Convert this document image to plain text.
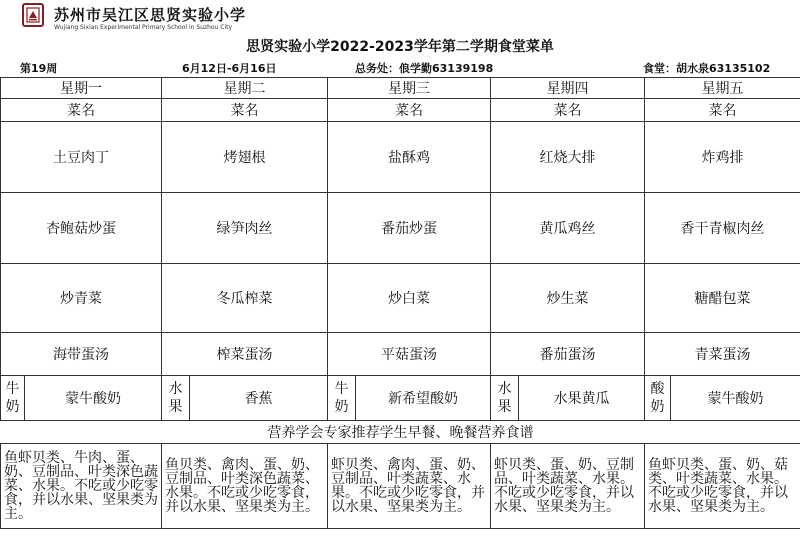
苏州市吴江区思贤实验小学
Wujiang Sixian Experimental Primary School in Suzhou City
思贤实验小学2022-2023学年第二学期食堂菜单
第19周	6月12日-6月16日	总务处：俍学勤63139198	食堂：胡水泉63135102
星期一		星期二		星期三		星期四		星期五	
菜名		菜名		菜名		菜名		菜名	
土豆肉丁		烤翅根		盐酥鸡		红烧大排		炸鸡排	
杏鲍菇炒蛋		绿笋肉丝		番茄炒蛋		黄瓜鸡丝		香干青椒肉丝	
炒青菜		冬瓜榨菜		炒白菜		炒生菜		糖醋包菜	
海带蛋汤		榨菜蛋汤		平菇蛋汤		番茄蛋汤		青菜蛋汤	
牛奶	蒙牛酸奶	水果	香蕉	牛奶	新希望酸奶	水果	水果黄瓜	酸奶	蒙牛酸奶
营养学会专家推荐学生早餐、晚餐营养食谱									
鱼虾贝类、牛肉、蛋、奶、豆制品、叶类深色蔬菜、水果。不吃或少吃零食，并以水果、坚果类为主。		鱼贝类、禽肉、蛋、奶、豆制品、叶类深色蔬菜、水果。不吃或少吃零食，并以水果、坚果类为主。		虾贝类、禽肉、蛋、奶、豆制品、叶类蔬菜、水果。不吃或少吃零食，并以水果、坚果类为主。		虾贝类、蛋、奶、豆制品、叶类蔬菜、水果。不吃或少吃零食，并以水果、坚果类为主。		鱼虾贝类、蛋、奶、菇类、叶类蔬菜、水果。不吃或少吃零食，并以水果、坚果类为主。	
